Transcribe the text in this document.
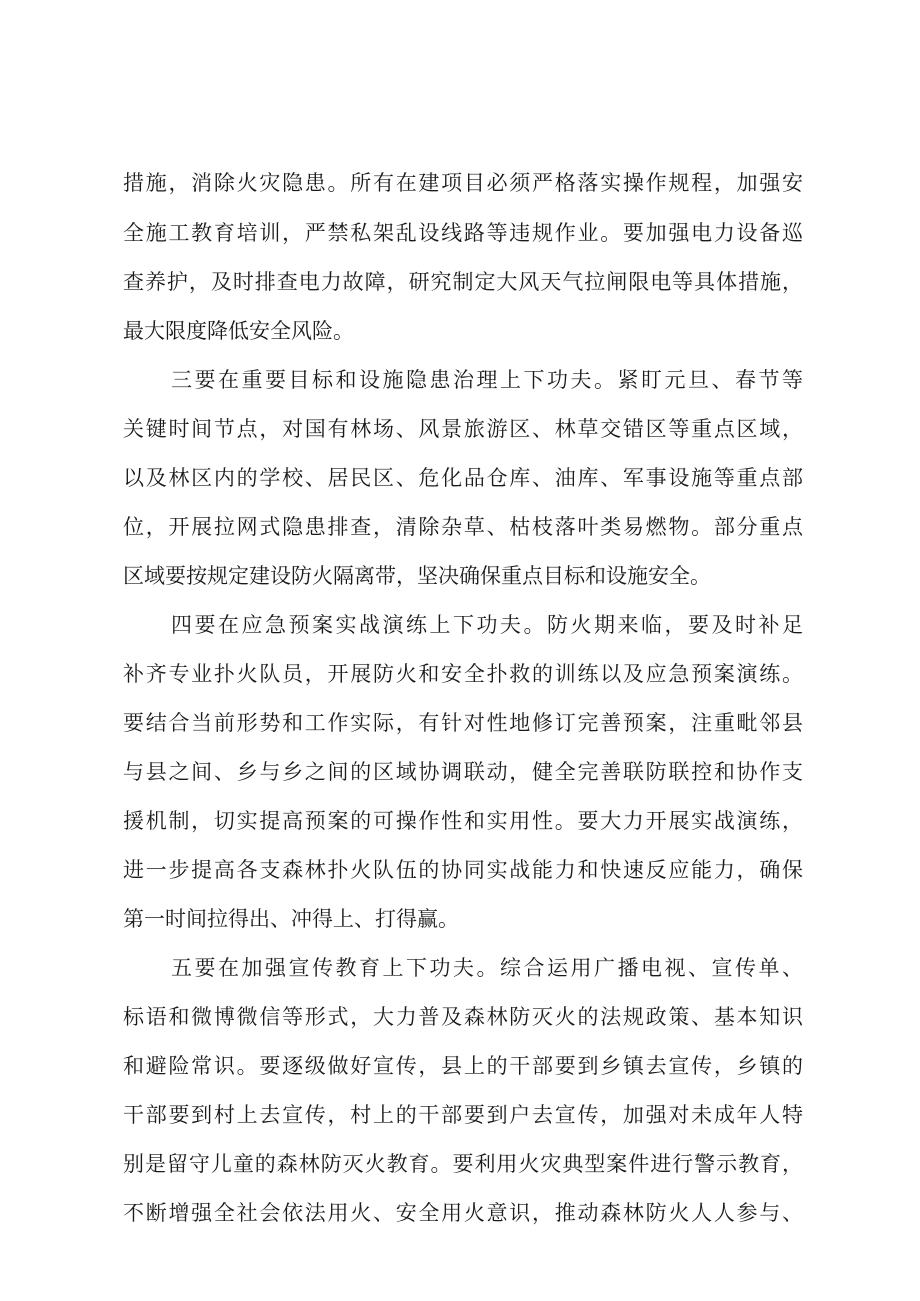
措施，消除火灾隐患。所有在建项目必须严格落实操作规程，加强安
全施工教育培训，严禁私架乱设线路等违规作业。要加强电力设备巡
查养护，及时排查电力故障，研究制定大风天气拉闸限电等具体措施，
最大限度降低安全风险。
三要在重要目标和设施隐患治理上下功夫。紧盯元旦、春节等
关键时间节点，对国有林场、风景旅游区、林草交错区等重点区域，
以及林区内的学校、居民区、危化品仓库、油库、军事设施等重点部
位，开展拉网式隐患排查，清除杂草、枯枝落叶类易燃物。部分重点
区域要按规定建设防火隔离带，坚决确保重点目标和设施安全。
四要在应急预案实战演练上下功夫。防火期来临，要及时补足
补齐专业扑火队员，开展防火和安全扑救的训练以及应急预案演练。
要结合当前形势和工作实际，有针对性地修订完善预案，注重毗邻县
与县之间、乡与乡之间的区域协调联动，健全完善联防联控和协作支
援机制，切实提高预案的可操作性和实用性。要大力开展实战演练，
进一步提高各支森林扑火队伍的协同实战能力和快速反应能力，确保
第一时间拉得出、冲得上、打得赢。
五要在加强宣传教育上下功夫。综合运用广播电视、宣传单、
标语和微博微信等形式，大力普及森林防灭火的法规政策、基本知识
和避险常识。要逐级做好宣传，县上的干部要到乡镇去宣传，乡镇的
干部要到村上去宣传，村上的干部要到户去宣传，加强对未成年人特
别是留守儿童的森林防灭火教育。要利用火灾典型案件进行警示教育，
不断增强全社会依法用火、安全用火意识，推动森林防火人人参与、
